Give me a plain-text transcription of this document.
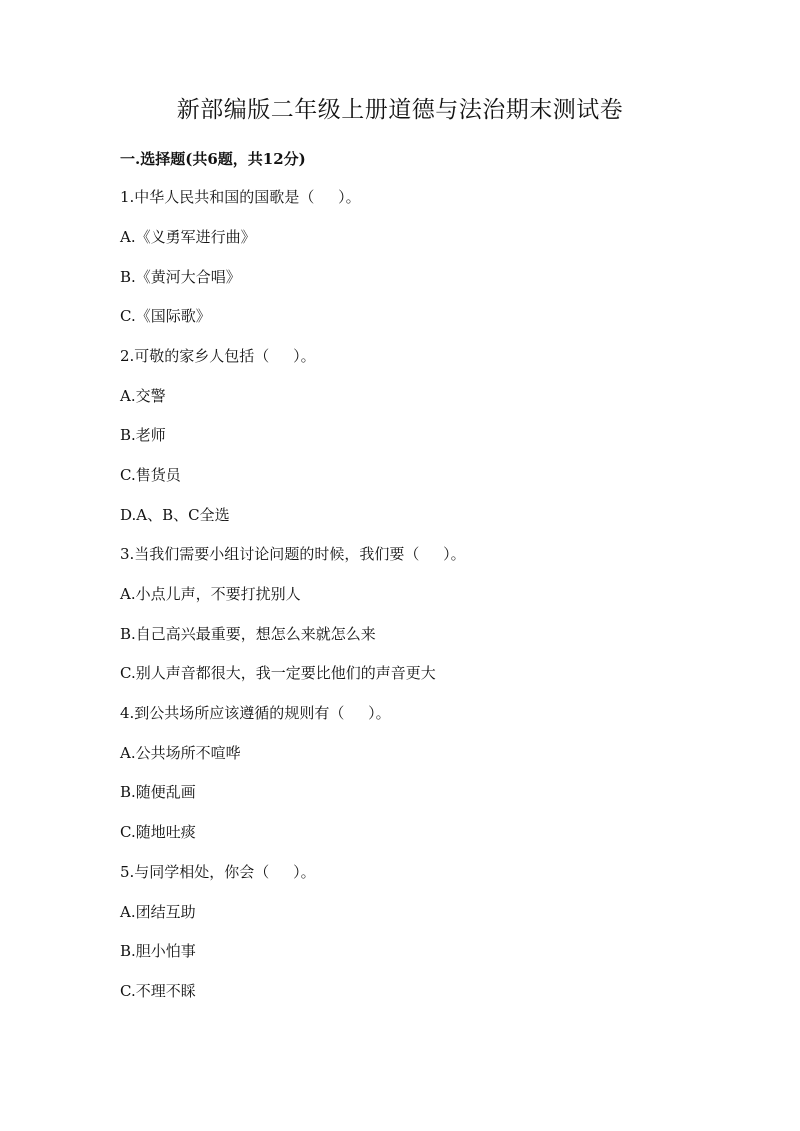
新部编版二年级上册道德与法治期末测试卷
一.选择题(共6题，共12分)

1.中华人民共和国的国歌是（     ）。

A.《义勇军进行曲》

B.《黄河大合唱》

C.《国际歌》

2.可敬的家乡人包括（     ）。

A.交警

B.老师

C.售货员

D.A、B、C全选

3.当我们需要小组讨论问题的时候，我们要（     ）。

A.小点儿声，不要打扰别人

B.自己高兴最重要，想怎么来就怎么来

C.别人声音都很大，我一定要比他们的声音更大

4.到公共场所应该遵循的规则有（     ）。

A.公共场所不喧哗

B.随便乱画

C.随地吐痰

5.与同学相处，你会（     ）。

A.团结互助

B.胆小怕事

C.不理不睬
